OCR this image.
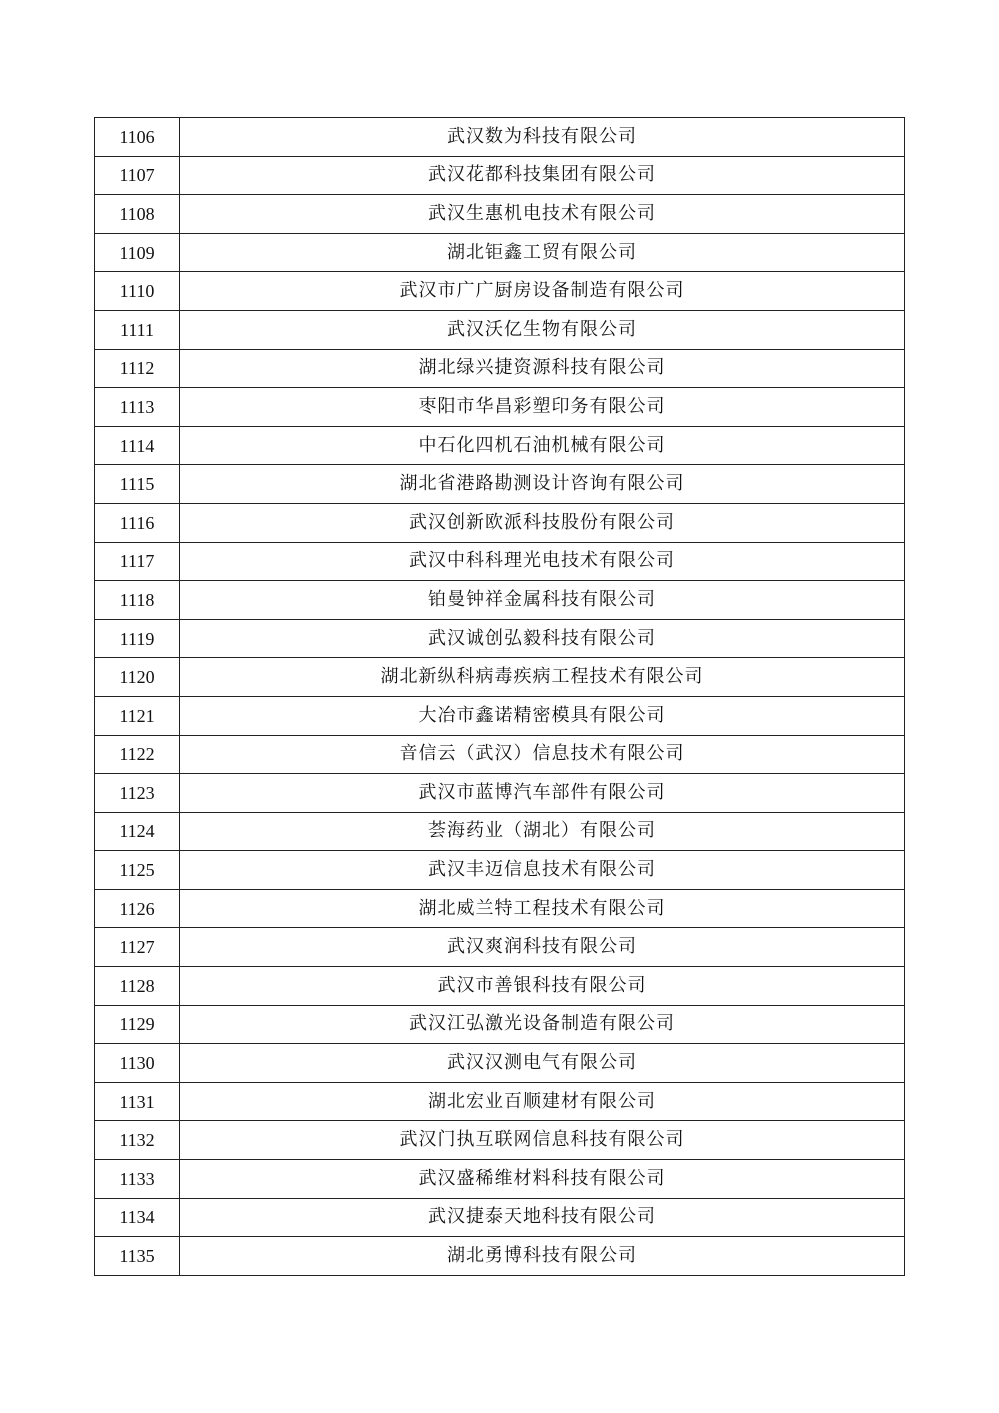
1106	武汉数为科技有限公司
1107	武汉花都科技集团有限公司
1108	武汉生惠机电技术有限公司
1109	湖北钜鑫工贸有限公司
1110	武汉市广广厨房设备制造有限公司
1111	武汉沃亿生物有限公司
1112	湖北绿兴捷资源科技有限公司
1113	枣阳市华昌彩塑印务有限公司
1114	中石化四机石油机械有限公司
1115	湖北省港路勘测设计咨询有限公司
1116	武汉创新欧派科技股份有限公司
1117	武汉中科科理光电技术有限公司
1118	铂曼钟祥金属科技有限公司
1119	武汉诚创弘毅科技有限公司
1120	湖北新纵科病毒疾病工程技术有限公司
1121	大冶市鑫诺精密模具有限公司
1122	音信云（武汉）信息技术有限公司
1123	武汉市蓝博汽车部件有限公司
1124	荟海药业（湖北）有限公司
1125	武汉丰迈信息技术有限公司
1126	湖北威兰特工程技术有限公司
1127	武汉爽润科技有限公司
1128	武汉市善银科技有限公司
1129	武汉江弘激光设备制造有限公司
1130	武汉汉测电气有限公司
1131	湖北宏业百顺建材有限公司
1132	武汉门执互联网信息科技有限公司
1133	武汉盛稀维材料科技有限公司
1134	武汉捷泰天地科技有限公司
1135	湖北勇博科技有限公司
